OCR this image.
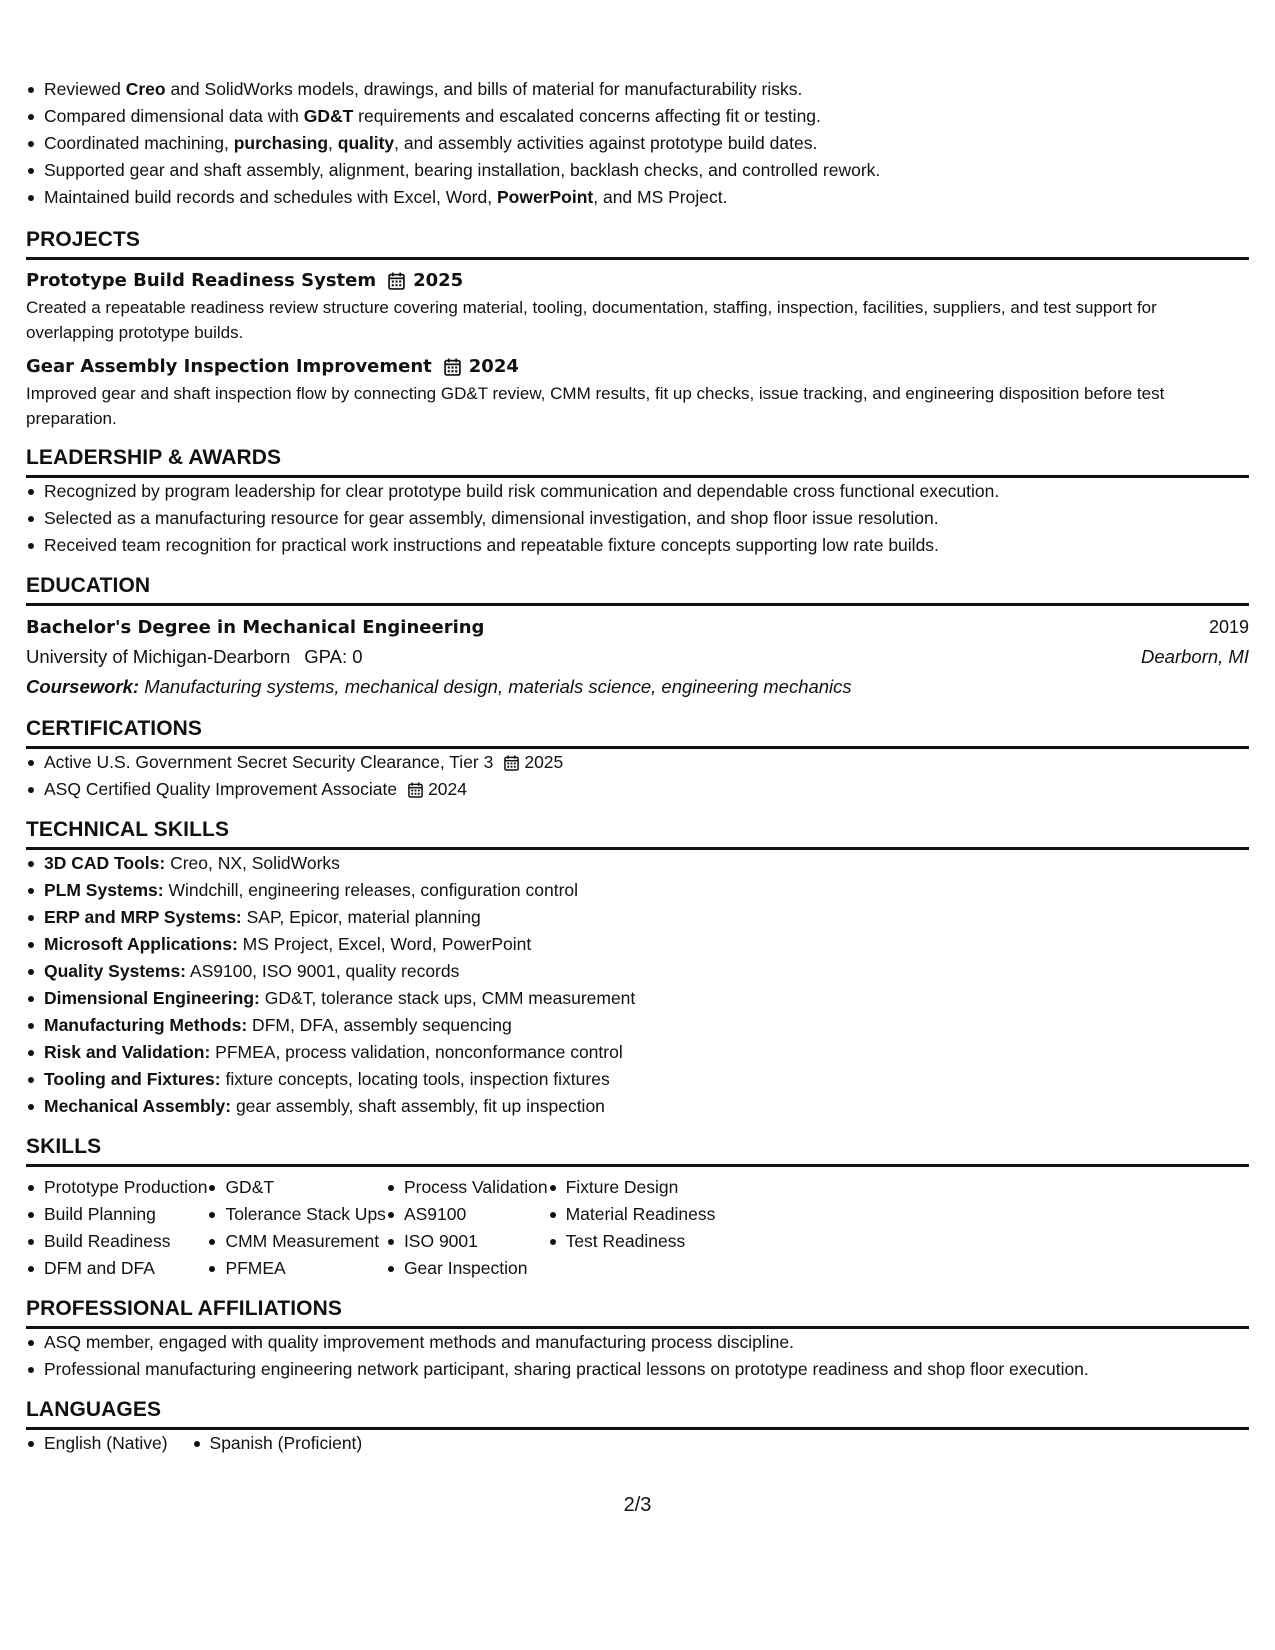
Reviewed Creo and SolidWorks models, drawings, and bills of material for manufacturability risks.
Compared dimensional data with GD&T requirements and escalated concerns affecting fit or testing.
Coordinated machining, purchasing, quality, and assembly activities against prototype build dates.
Supported gear and shaft assembly, alignment, bearing installation, backlash checks, and controlled rework.
Maintained build records and schedules with Excel, Word, PowerPoint, and MS Project.
PROJECTS
Prototype Build Readiness System 2025
Created a repeatable readiness review structure covering material, tooling, documentation, staffing, inspection, facilities, suppliers, and test support for overlapping prototype builds.
Gear Assembly Inspection Improvement 2024
Improved gear and shaft inspection flow by connecting GD&T review, CMM results, fit up checks, issue tracking, and engineering disposition before test preparation.
LEADERSHIP & AWARDS
Recognized by program leadership for clear prototype build risk communication and dependable cross functional execution.
Selected as a manufacturing resource for gear assembly, dimensional investigation, and shop floor issue resolution.
Received team recognition for practical work instructions and repeatable fixture concepts supporting low rate builds.
EDUCATION
Bachelor's Degree in Mechanical Engineering	2019
University of Michigan-Dearborn GPA: 0	Dearborn, MI
Coursework: Manufacturing systems, mechanical design, materials science, engineering mechanics
CERTIFICATIONS
Active U.S. Government Secret Security Clearance, Tier 3 2025
ASQ Certified Quality Improvement Associate 2024
TECHNICAL SKILLS
3D CAD Tools: Creo, NX, SolidWorks
PLM Systems: Windchill, engineering releases, configuration control
ERP and MRP Systems: SAP, Epicor, material planning
Microsoft Applications: MS Project, Excel, Word, PowerPoint
Quality Systems: AS9100, ISO 9001, quality records
Dimensional Engineering: GD&T, tolerance stack ups, CMM measurement
Manufacturing Methods: DFM, DFA, assembly sequencing
Risk and Validation: PFMEA, process validation, nonconformance control
Tooling and Fixtures: fixture concepts, locating tools, inspection fixtures
Mechanical Assembly: gear assembly, shaft assembly, fit up inspection
SKILLS
Prototype Production
Build Planning
Build Readiness
DFM and DFA
GD&T
Tolerance Stack Ups
CMM Measurement
PFMEA
Process Validation
AS9100
ISO 9001
Gear Inspection
Fixture Design
Material Readiness
Test Readiness
PROFESSIONAL AFFILIATIONS
ASQ member, engaged with quality improvement methods and manufacturing process discipline.
Professional manufacturing engineering network participant, sharing practical lessons on prototype readiness and shop floor execution.
LANGUAGES
English (Native)	Spanish (Proficient)
2/3
